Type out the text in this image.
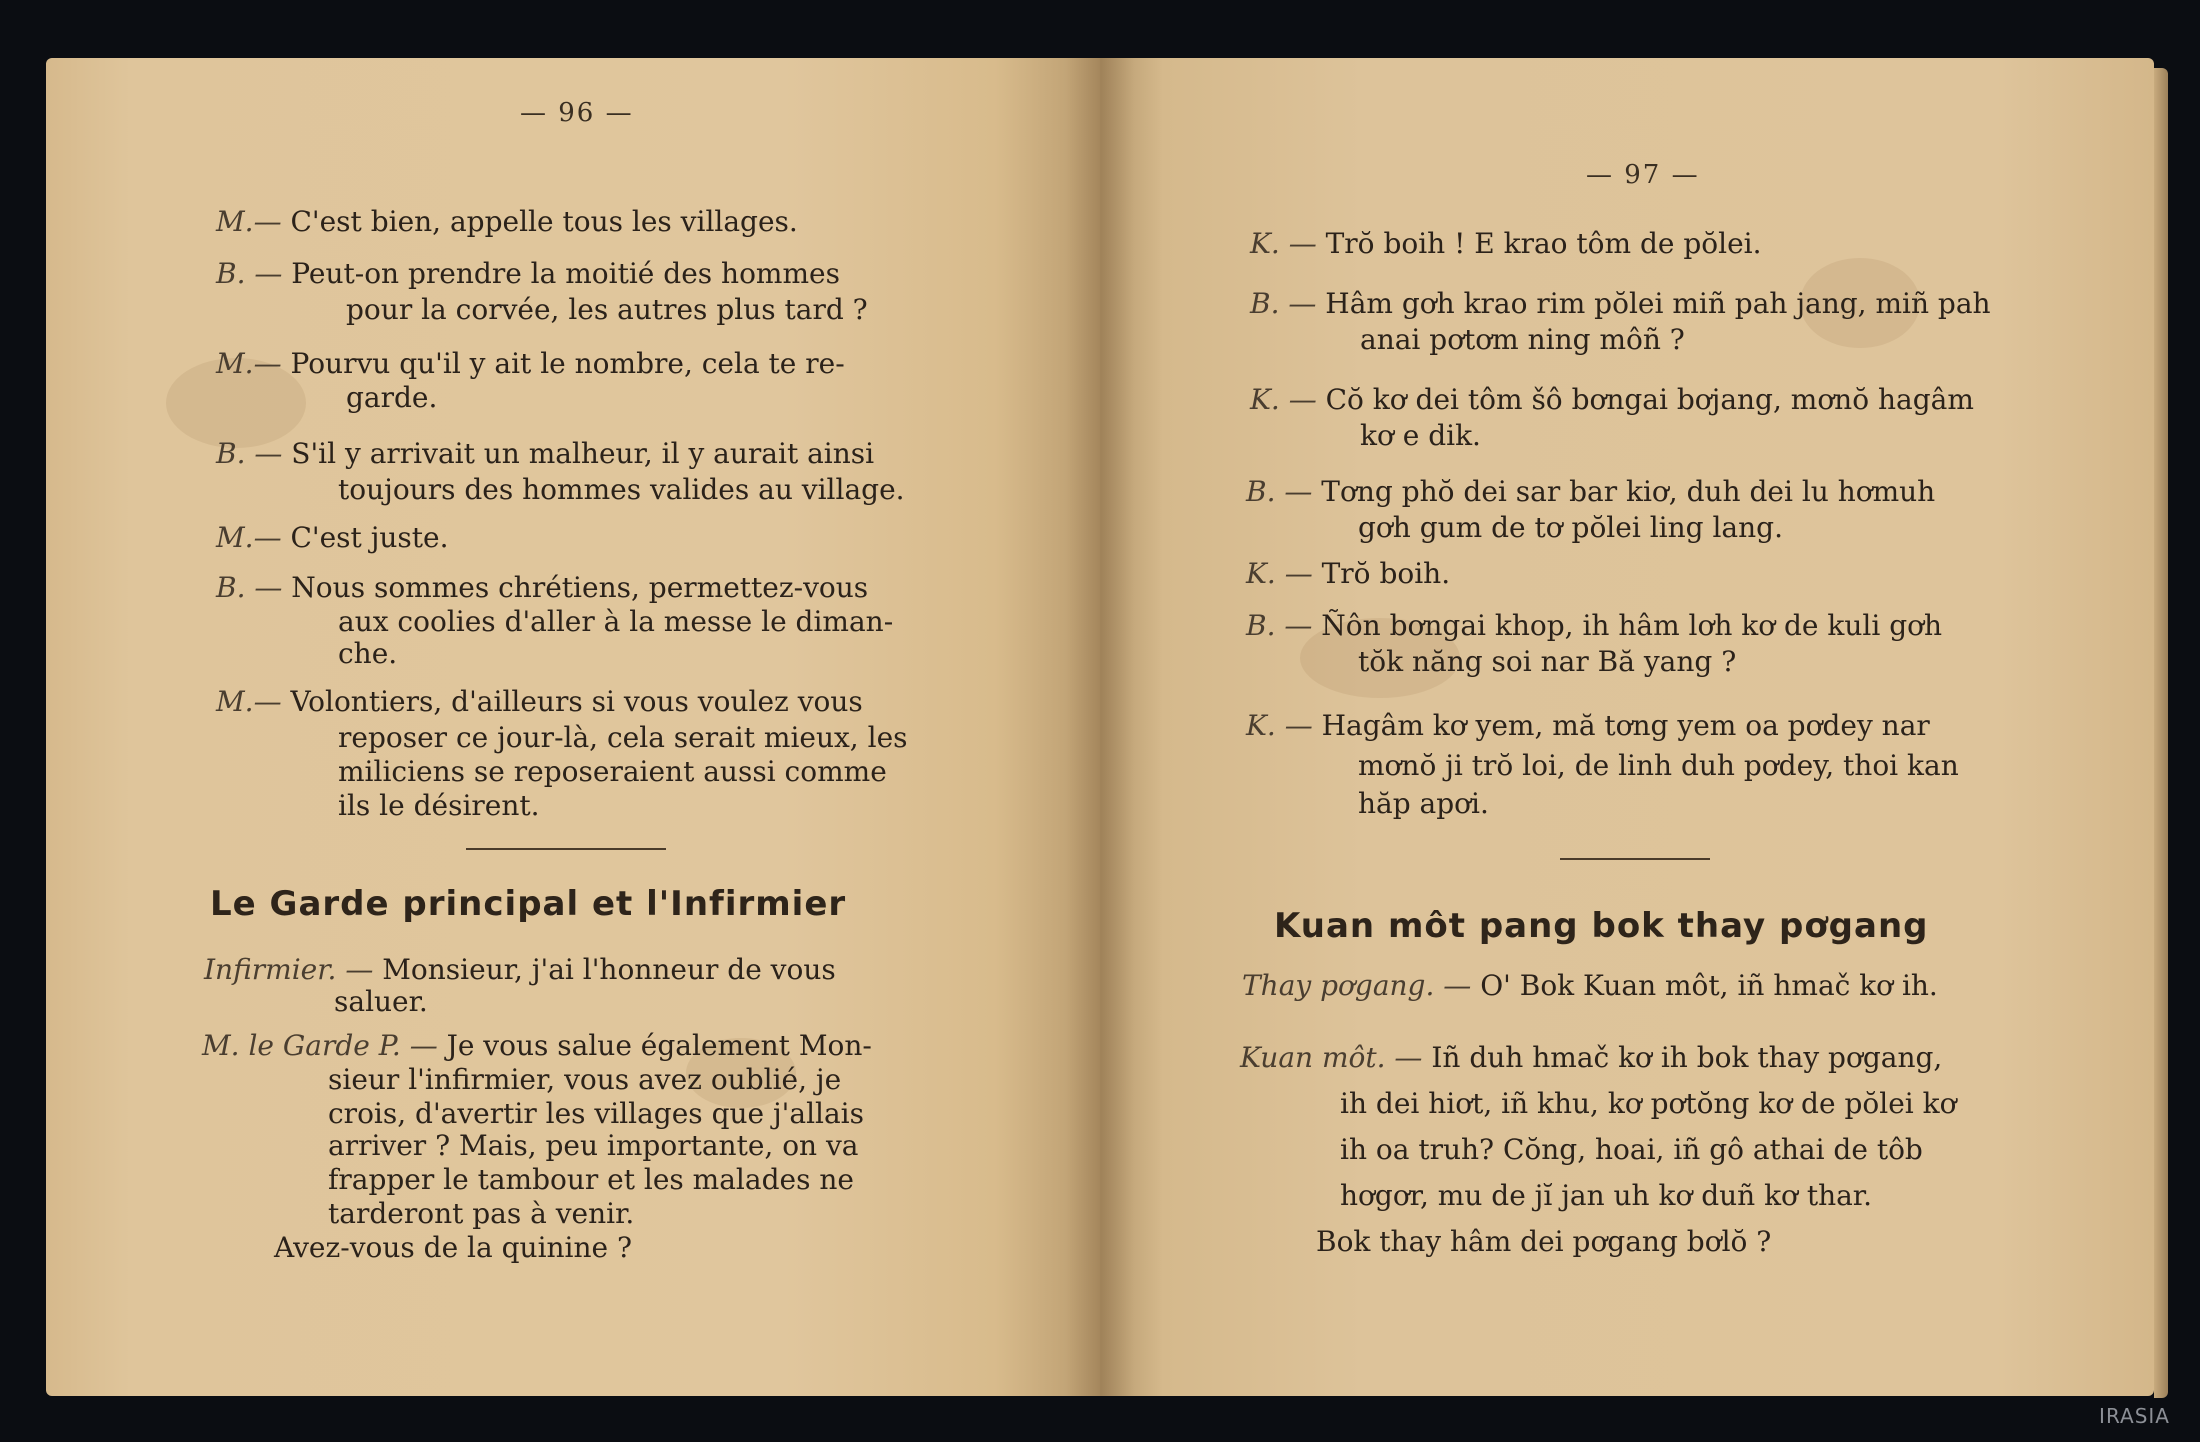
— 96 —
M.— C'est bien, appelle tous les villages.
B. — Peut-on prendre la moitié des hommes
pour la corvée, les autres plus tard ?
M.— Pourvu qu'il y ait le nombre, cela te re-
garde.
B. — S'il y arrivait un malheur, il y aurait ainsi
toujours des hommes valides au village.
M.— C'est juste.
B. — Nous sommes chrétiens, permettez-vous
aux coolies d'aller à la messe le diman-
che.
M.— Volontiers, d'ailleurs si vous voulez vous
reposer ce jour-là, cela serait mieux, les
miliciens se reposeraient aussi comme
ils le désirent.
Le Garde principal et l'Infirmier
Infirmier. — Monsieur, j'ai l'honneur de vous
saluer.
M. le Garde P. — Je vous salue également Mon-
sieur l'infirmier, vous avez oublié, je
crois, d'avertir les villages que j'allais
arriver ? Mais, peu importante, on va
frapper le tambour et les malades ne
tarderont pas à venir.
Avez-vous de la quinine ?
— 97 —
K. — Trŏ boih ! E krao tôm de pŏlei.
B. — Hâm gơh krao rim pŏlei miñ pah jang, miñ pah
anai pơtơm ning môñ ?
K. — Cŏ kơ dei tôm šô bơngai bơjang, mơnŏ hagâm
kơ e dik.
B. — Tơng phŏ dei sar bar kiơ, duh dei lu hơmuh
gơh gum de tơ pŏlei ling lang.
K. — Trŏ boih.
B. — Ñôn bơngai khop, ih hâm lơh kơ de kuli gơh
tŏk năng soi nar Bă yang ?
K. — Hagâm kơ yem, mă tơng yem oa pơdey nar
mơnŏ ji trŏ loi, de linh duh pơdey, thoi kan
hăp apơi.
Kuan môt pang bok thay pơgang
Thay pơgang. — O' Bok Kuan môt, iñ hmač kơ ih.
Kuan môt. — Iñ duh hmač kơ ih bok thay pơgang,
ih dei hiơt, iñ khu, kơ pơtŏng kơ de pŏlei kơ
ih oa truh? Cŏng, hoai, iñ gô athai de tôb
hơgơr, mu de jĭ jan uh kơ duñ kơ thar.
Bok thay hâm dei pơgang bơlŏ ?
IRASIA
